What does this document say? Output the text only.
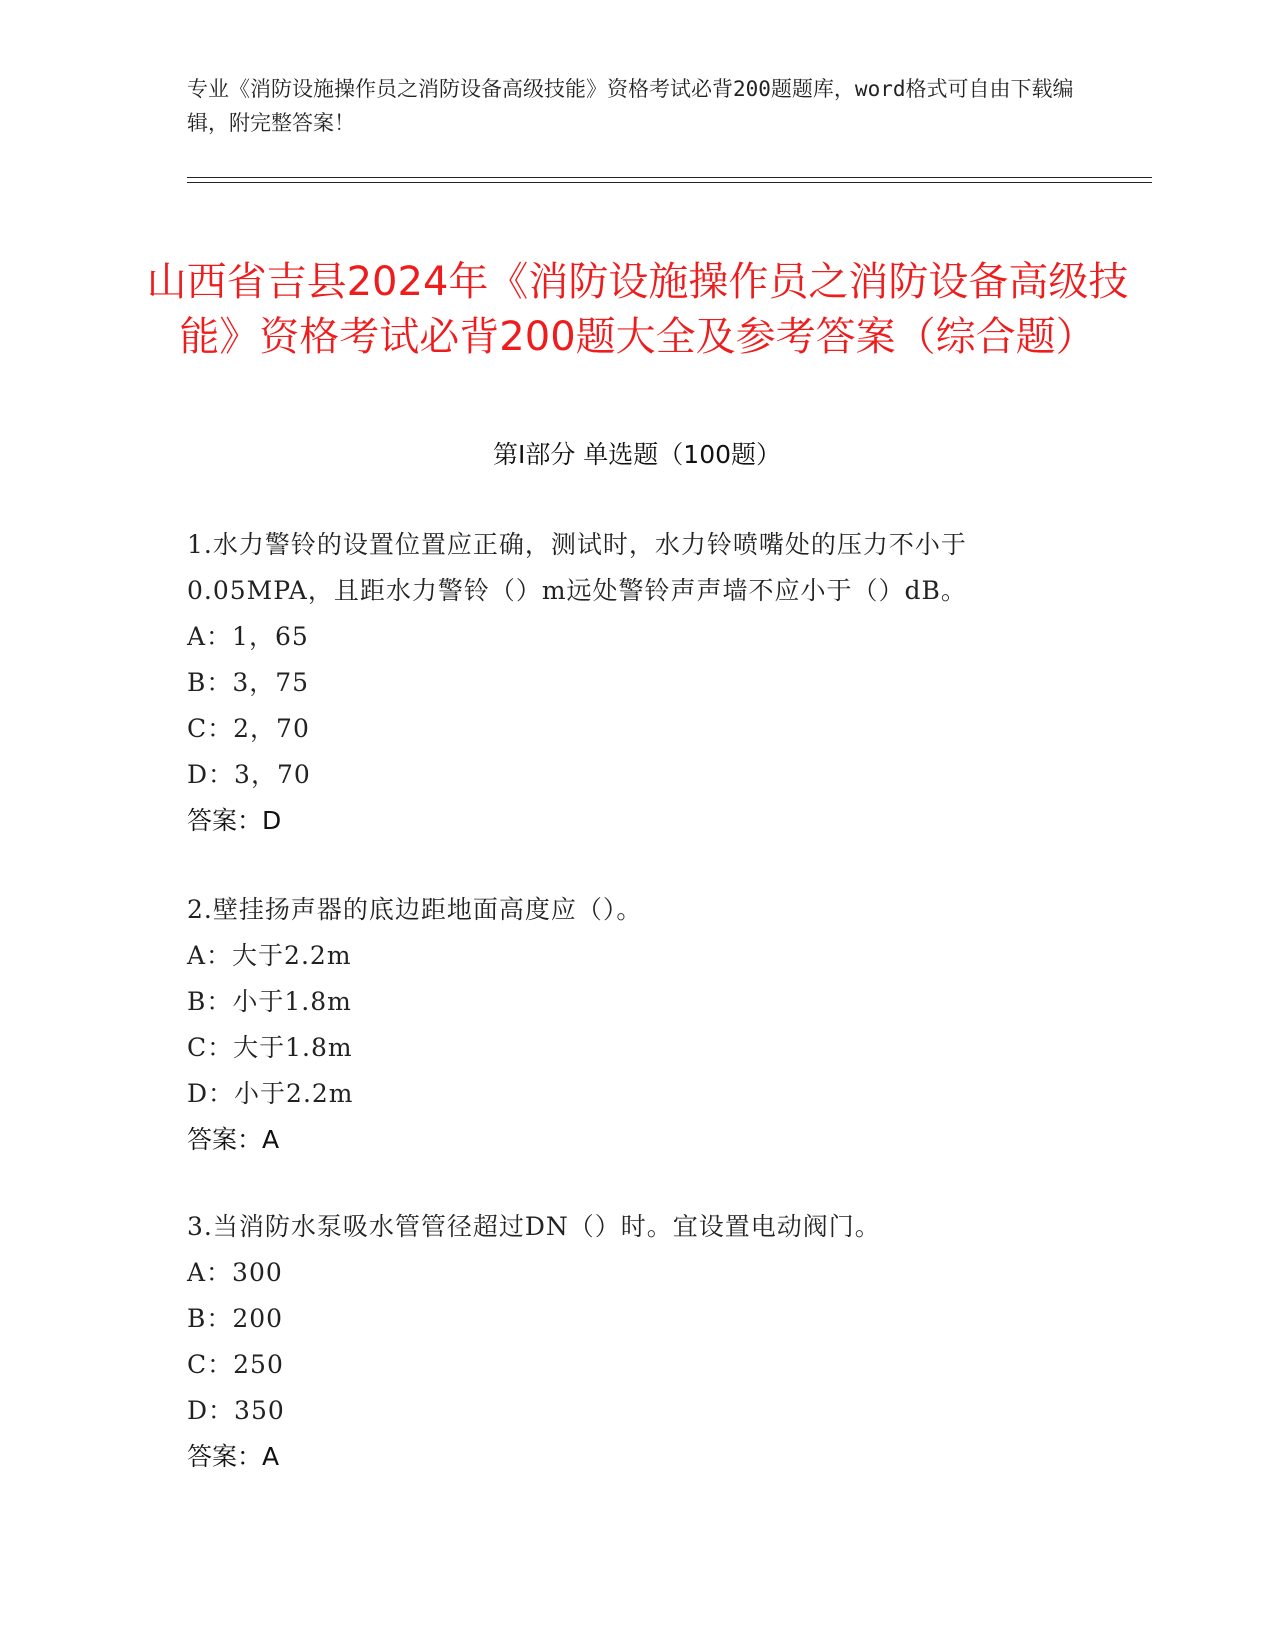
专业《消防设施操作员之消防设备高级技能》资格考试必背200题题库，word格式可自由下载编辑，附完整答案！
山西省吉县2024年《消防设施操作员之消防设备高级技能》资格考试必背200题大全及参考答案（综合题）
第I部分 单选题（100题）
1.水力警铃的设置位置应正确，测试时，水力铃喷嘴处的压力不小于0.05MPA，且距水力警铃（）m远处警铃声声墙不应小于（）dB。
A：1，65
B：3，75
C：2，70
D：3，70
答案：D
2.壁挂扬声器的底边距地面高度应（）。
A：大于2.2m
B：小于1.8m
C：大于1.8m
D：小于2.2m
答案：A
3.当消防水泵吸水管管径超过DN（）时。宜设置电动阀门。
A：300
B：200
C：250
D：350
答案：A
